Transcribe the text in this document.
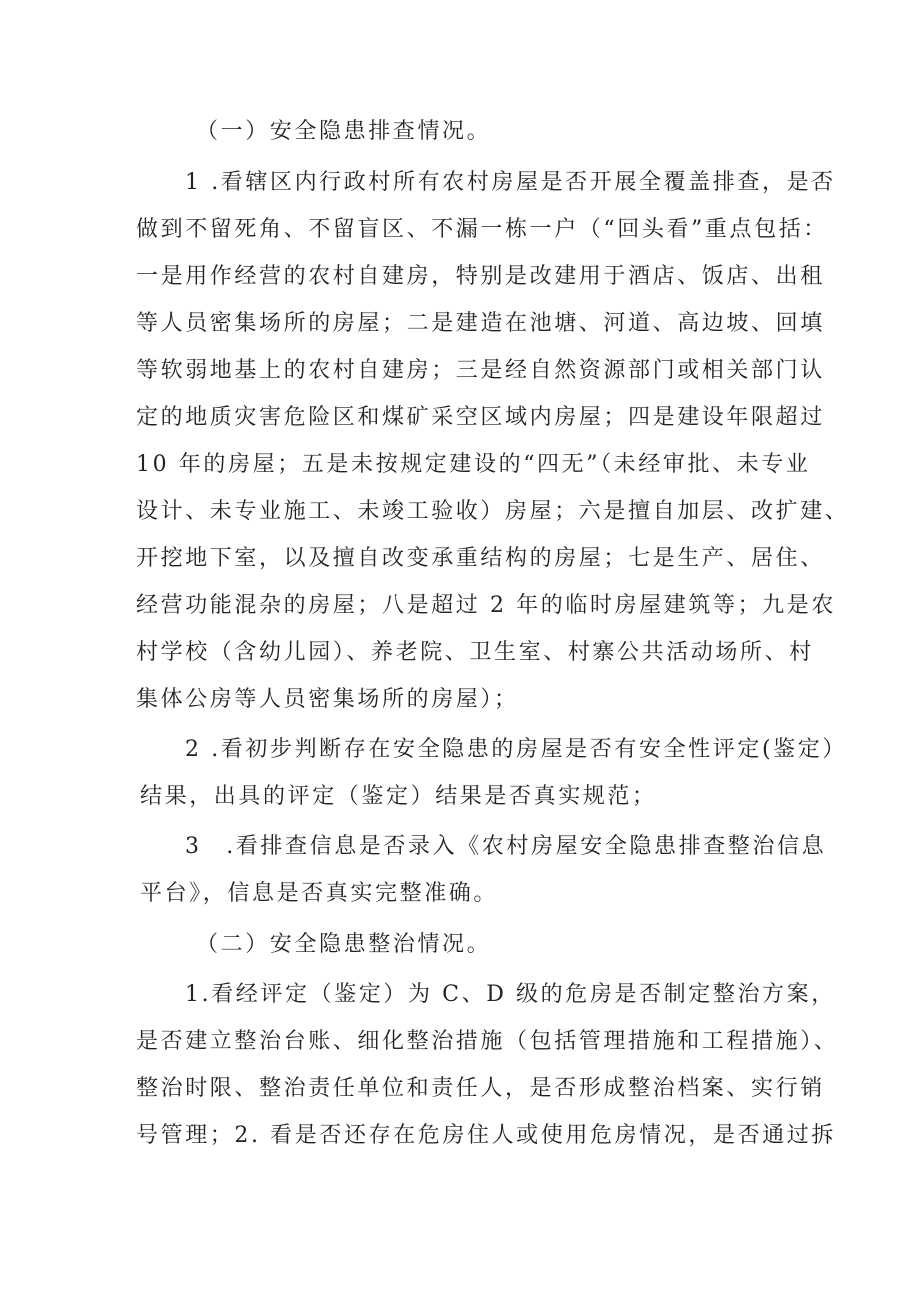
（一）安全隐患排查情况。
1 .看辖区内行政村所有农村房屋是否开展全覆盖排查，是否
做到不留死角、不留盲区、不漏一栋一户（“回头看”重点包括：
一是用作经营的农村自建房，特别是改建用于酒店、饭店、出租
等人员密集场所的房屋；二是建造在池塘、河道、高边坡、回填
等软弱地基上的农村自建房；三是经自然资源部门或相关部门认
定的地质灾害危险区和煤矿采空区域内房屋；四是建设年限超过
10 年的房屋；五是未按规定建设的“四无”（未经审批、未专业
设计、未专业施工、未竣工验收）房屋；六是擅自加层、改扩建、
开挖地下室，以及擅自改变承重结构的房屋；七是生产、居住、
经营功能混杂的房屋；八是超过 2 年的临时房屋建筑等；九是农
村学校（含幼儿园）、养老院、卫生室、村寨公共活动场所、村
集体公房等人员密集场所的房屋）；
2 .看初步判断存在安全隐患的房屋是否有安全性评定(鉴定）
结果，出具的评定（鉴定）结果是否真实规范；
3　.看排查信息是否录入《农村房屋安全隐患排查整治信息
平台》，信息是否真实完整准确。
（二）安全隐患整治情况。
1.看经评定（鉴定）为 C、D 级的危房是否制定整治方案，
是否建立整治台账、细化整治措施（包括管理措施和工程措施）、
整治时限、整治责任单位和责任人，是否形成整治档案、实行销
号管理；2. 看是否还存在危房住人或使用危房情况，是否通过拆
